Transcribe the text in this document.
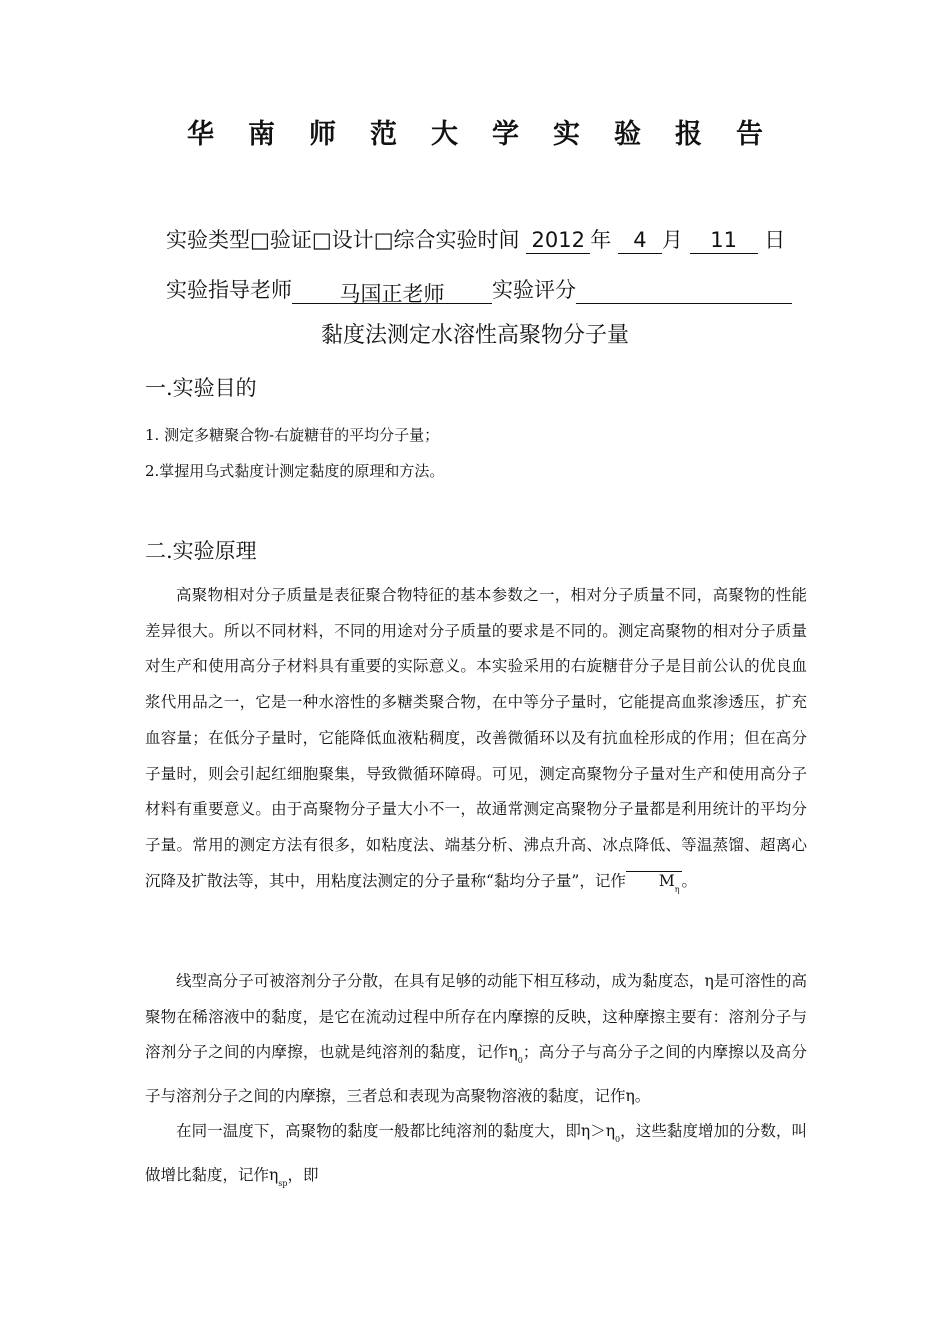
华南师范大学实验报告
实验类型□验证□设计□综合实验时间 2012 年 4 月 11 日
实验指导老师 马国正老师 实验评分
黏度法测定水溶性高聚物分子量
一.实验目的
1. 测定多糖聚合物-右旋糖苷的平均分子量；
2.掌握用乌式黏度计测定黏度的原理和方法。
二.实验原理
高聚物相对分子质量是表征聚合物特征的基本参数之一，相对分子质量不同，高聚物的性能差异很大。所以不同材料，不同的用途对分子质量的要求是不同的。测定高聚物的相对分子质量对生产和使用高分子材料具有重要的实际意义。本实验采用的右旋糖苷分子是目前公认的优良血浆代用品之一，它是一种水溶性的多糖类聚合物，在中等分子量时，它能提高血浆渗透压，扩充血容量；在低分子量时，它能降低血液粘稠度，改善微循环以及有抗血栓形成的作用；但在高分子量时，则会引起红细胞聚集，导致微循环障碍。可见，测定高聚物分子量对生产和使用高分子材料有重要意义。由于高聚物分子量大小不一，故通常测定高聚物分子量都是利用统计的平均分子量。常用的测定方法有很多，如粘度法、端基分析、沸点升高、冰点降低、等温蒸馏、超离心沉降及扩散法等，其中，用粘度法测定的分子量称“黏均分子量”，记作 $M_\eta$ 。
线型高分子可被溶剂分子分散，在具有足够的动能下相互移动，成为黏度态，η是可溶性的高聚物在稀溶液中的黏度，是它在流动过程中所存在内摩擦的反映，这种摩擦主要有：溶剂分子与溶剂分子之间的内摩擦，也就是纯溶剂的黏度，记作$\eta_0$；高分子与高分子之间的内摩擦以及高分子与溶剂分子之间的内摩擦，三者总和表现为高聚物溶液的黏度，记作η。
在同一温度下，高聚物的黏度一般都比纯溶剂的黏度大，即$\eta>\eta_0$，这些黏度增加的分数，叫做增比黏度，记作$\eta_{sp}$，即
